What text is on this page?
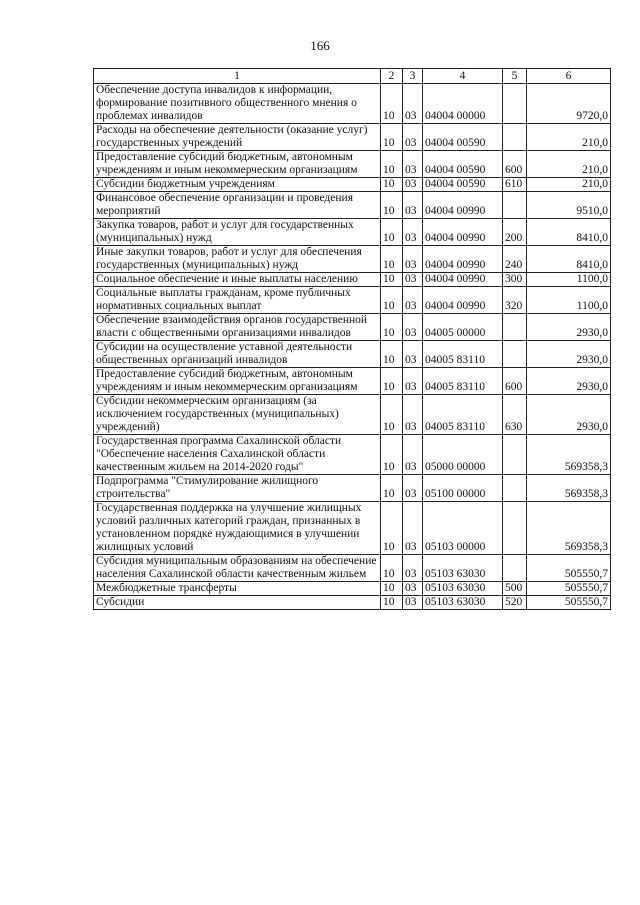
166
1	2	3	4	5	6
Обеспечение доступа инвалидов к информации, формирование позитивного общественного мнения о проблемах инвалидов	10	03	04004 00000		9720,0
Расходы на обеспечение деятельности (оказание услуг) государственных учреждений	10	03	04004 00590		210,0
Предоставление субсидий бюджетным, автономным учреждениям и иным некоммерческим организациям	10	03	04004 00590	600	210,0
Субсидии бюджетным учреждениям	10	03	04004 00590	610	210,0
Финансовое обеспечение организации и проведения мероприятий	10	03	04004 00990		9510,0
Закупка товаров, работ и услуг для государственных (муниципальных) нужд	10	03	04004 00990	200	8410,0
Иные закупки товаров, работ и услуг для обеспечения государственных (муниципальных) нужд	10	03	04004 00990	240	8410,0
Социальное обеспечение и иные выплаты населению	10	03	04004 00990	300	1100,0
Социальные выплаты гражданам, кроме публичных нормативных социальных выплат	10	03	04004 00990	320	1100,0
Обеспечение взаимодействия органов государственной власти с общественными организациями инвалидов	10	03	04005 00000		2930,0
Субсидии на осуществление уставной деятельности общественных организаций инвалидов	10	03	04005 83110		2930,0
Предоставление субсидий бюджетным, автономным учреждениям и иным некоммерческим организациям	10	03	04005 83110	600	2930,0
Субсидии некоммерческим организациям (за исключением государственных (муниципальных) учреждений)	10	03	04005 83110	630	2930,0
Государственная программа Сахалинской области "Обеспечение населения Сахалинской области качественным жильем на 2014-2020 годы"	10	03	05000 00000		569358,3
Подпрограмма "Стимулирование жилищного строительства"	10	03	05100 00000		569358,3
Государственная поддержка на улучшение жилищных условий различных категорий граждан, признанных в установленном порядке нуждающимися в улучшении жилищных условий	10	03	05103 00000		569358,3
Субсидия муниципальным образованиям на обеспечение населения Сахалинской области качественным жильем	10	03	05103 63030		505550,7
Межбюджетные трансферты	10	03	05103 63030	500	505550,7
Субсидии	10	03	05103 63030	520	505550,7
